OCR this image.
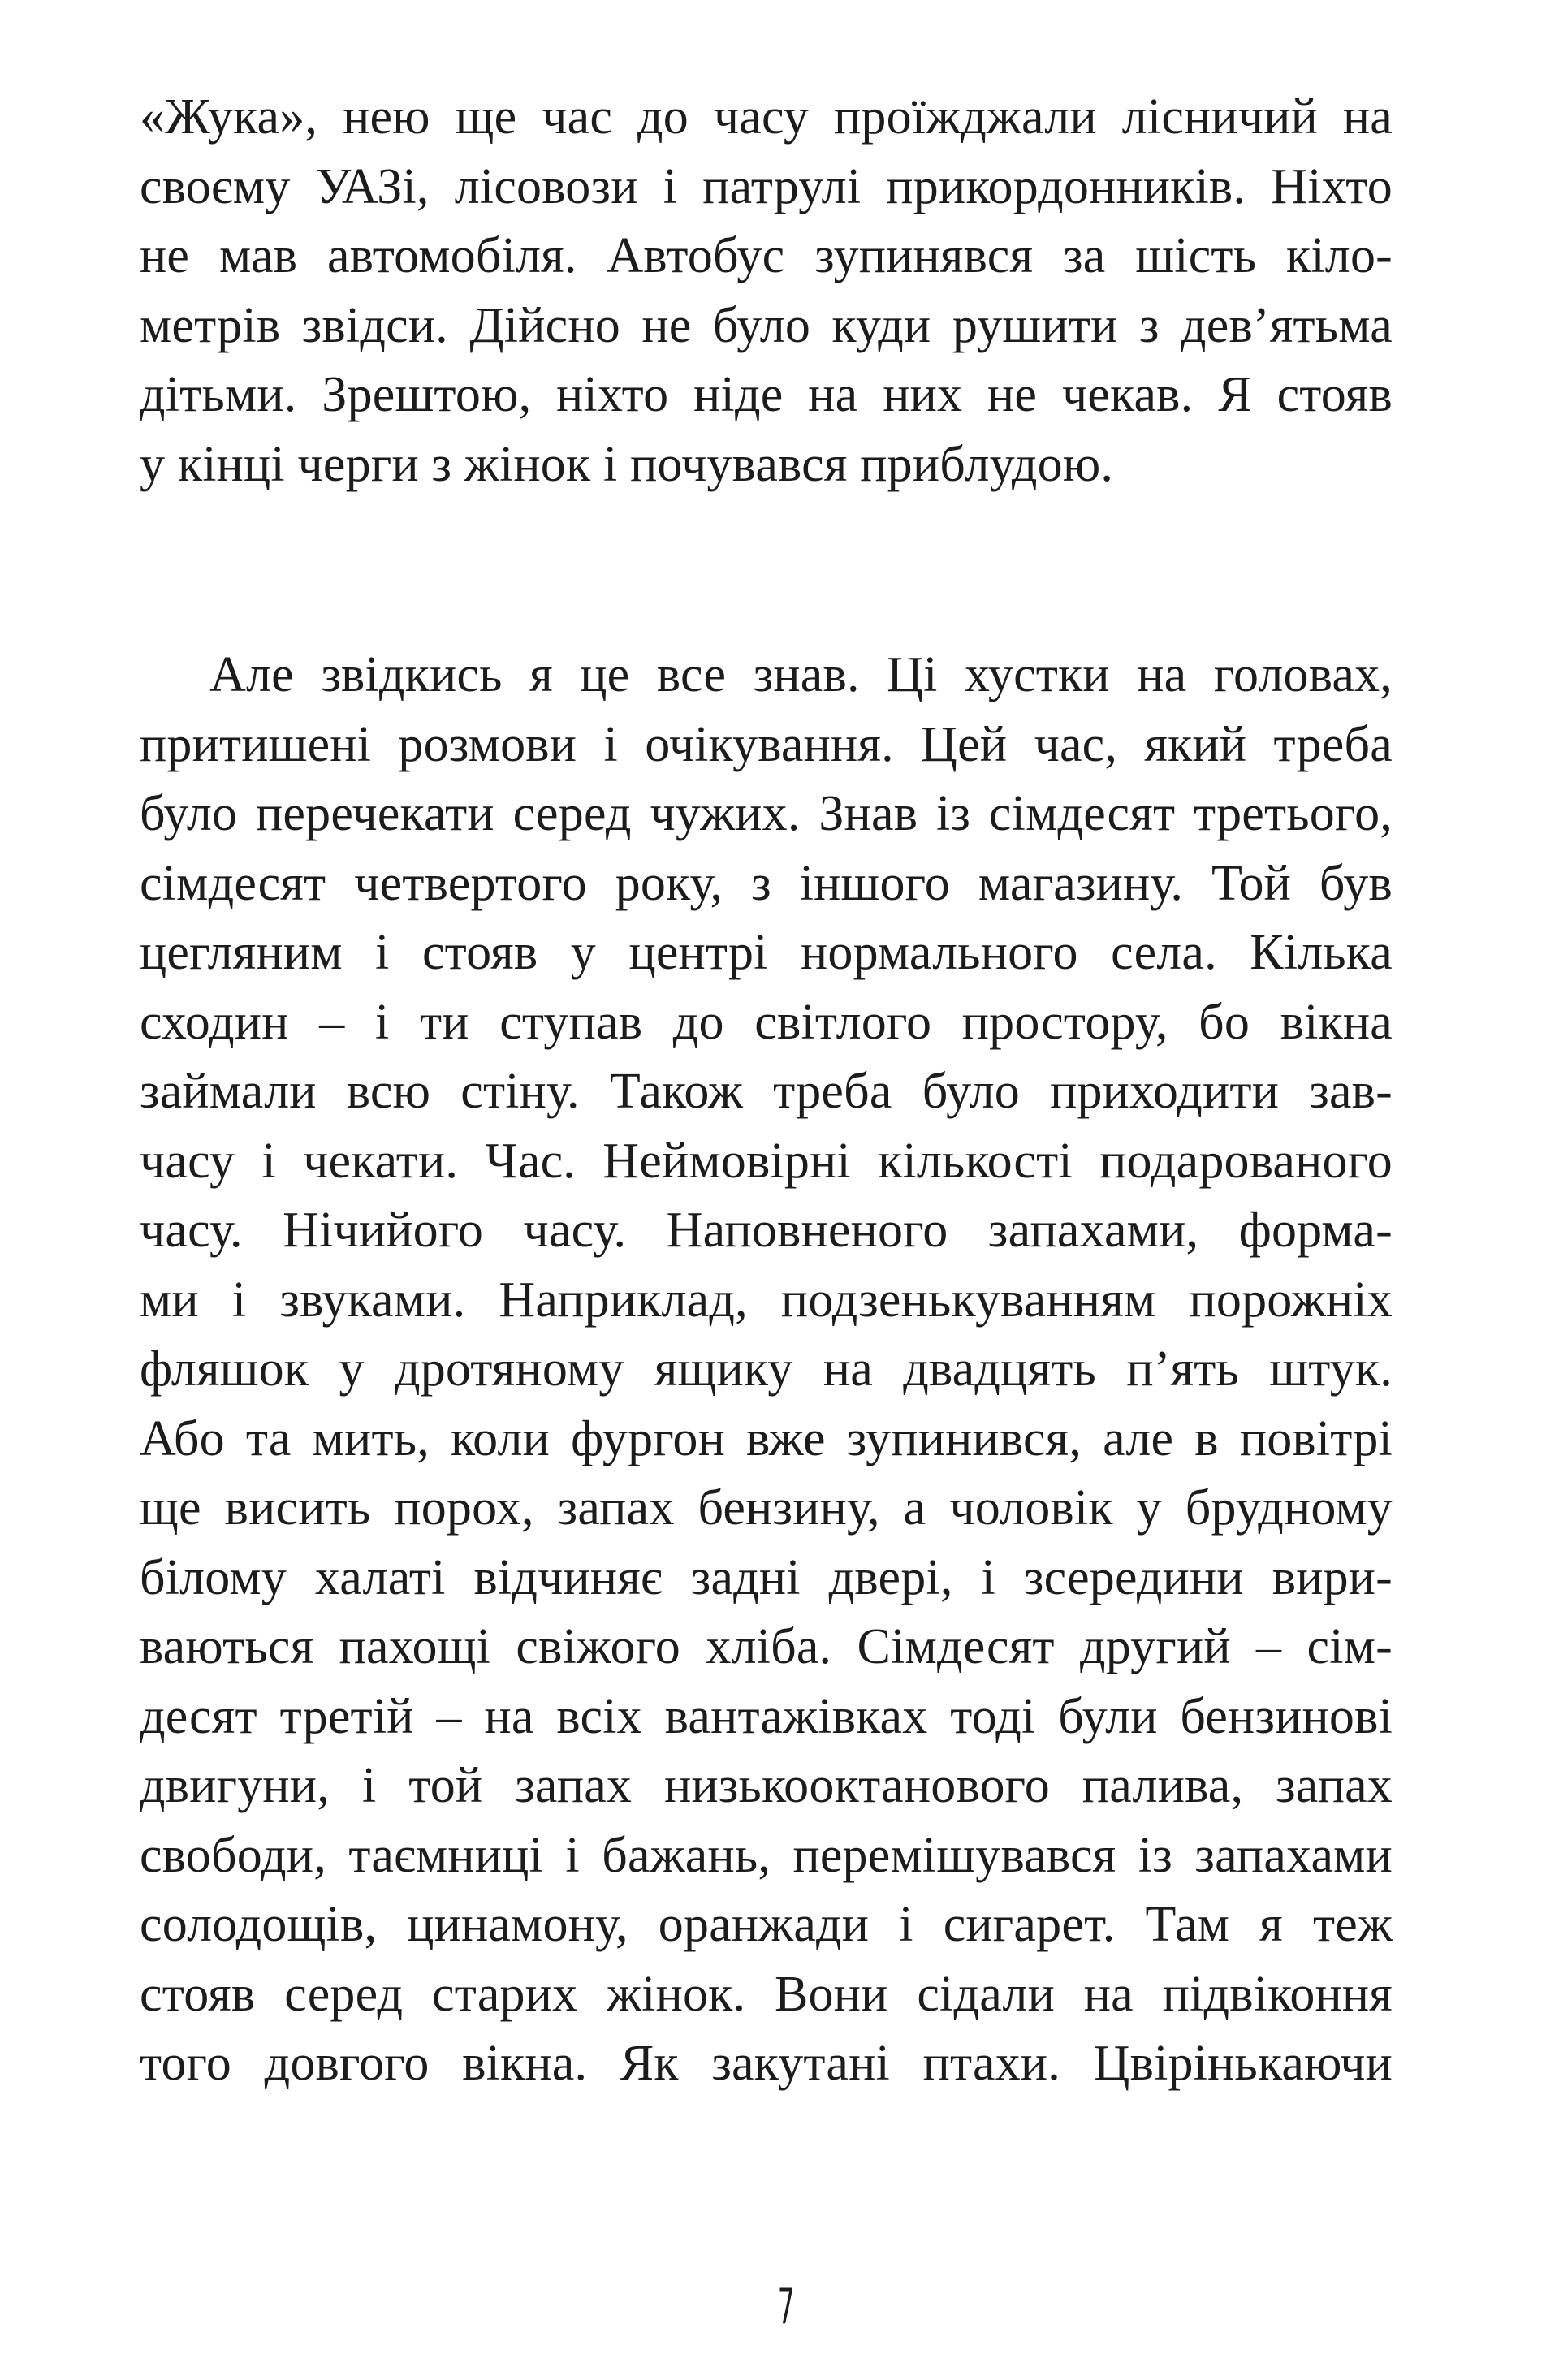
«Жука», нею ще час до часу проїжджали лісничий на
своєму УАЗі, лісовози і патрулі прикордонників. Ніхто
не мав автомобіля. Автобус зупинявся за шість кіло-
метрів звідси. Дійсно не було куди рушити з дев’ятьма
дітьми. Зрештою, ніхто ніде на них не чекав. Я стояв
у кінці черги з жінок і почувався приблудою.
Але звідкись я це все знав. Ці хустки на головах,
притишені розмови і очікування. Цей час, який треба
було перечекати серед чужих. Знав із сімдесят третього,
сімдесят четвертого року, з іншого магазину. Той був
цегляним і стояв у центрі нормального села. Кілька
сходин – і ти ступав до світлого простору, бо вікна
займали всю стіну. Також треба було приходити зав-
часу і чекати. Час. Неймовірні кількості подарованого
часу. Нічийого часу. Наповненого запахами, форма-
ми і звуками. Наприклад, подзенькуванням порожніх
фляшок у дротяному ящику на двадцять п’ять штук.
Або та мить, коли фургон вже зупинився, але в повітрі
ще висить порох, запах бензину, а чоловік у брудному
білому халаті відчиняє задні двері, і зсередини вири-
ваються пахощі свіжого хліба. Сімдесят другий – сім-
десят третій – на всіх вантажівках тоді були бензинові
двигуни, і той запах низькооктанового палива, запах
свободи, таємниці і бажань, перемішувався із запахами
солодощів, цинамону, оранжади і сигарет. Там я теж
стояв серед старих жінок. Вони сідали на підвіконня
того довгого вікна. Як закутані птахи. Цвірінькаючи
7
